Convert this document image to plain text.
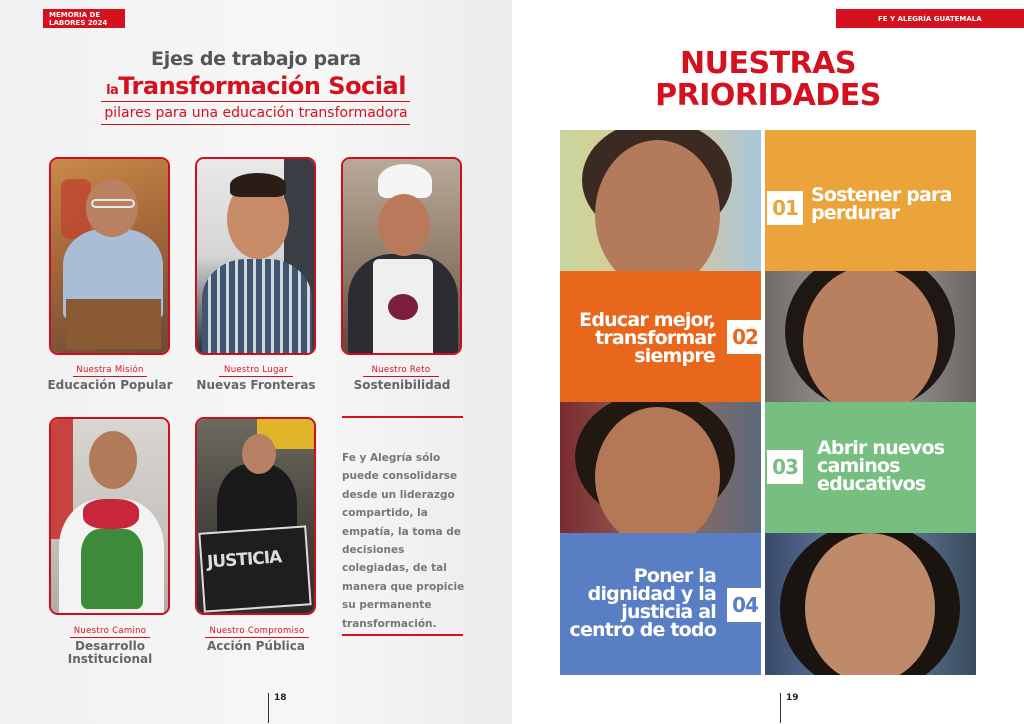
MEMORIA DE
LABORES 2024
Ejes de trabajo para
laTransformación Social
pilares para una educación transformadora
Nuestra Misión
Educación Popular
Nuestro Lugar
Nuevas Fronteras
Nuestro Reto
Sostenibilidad
JUSTICIA
Nuestro Camino
Desarrollo Institucional
Nuestro Compromiso
Acción Pública
Fe y Alegría sólo puede consolidarse desde un liderazgo compartido, la empatía, la toma de decisiones colegiadas, de tal manera que propicie su permanente transformación.
18
FE Y ALEGRÍA GUATEMALA
NUESTRAS
PRIORIDADES
01
Sostener para perdurar
Educar mejor, transformar siempre
02
03
Abrir nuevos caminos educativos
Poner la dignidad y la justicia al centro de todo
04
19
